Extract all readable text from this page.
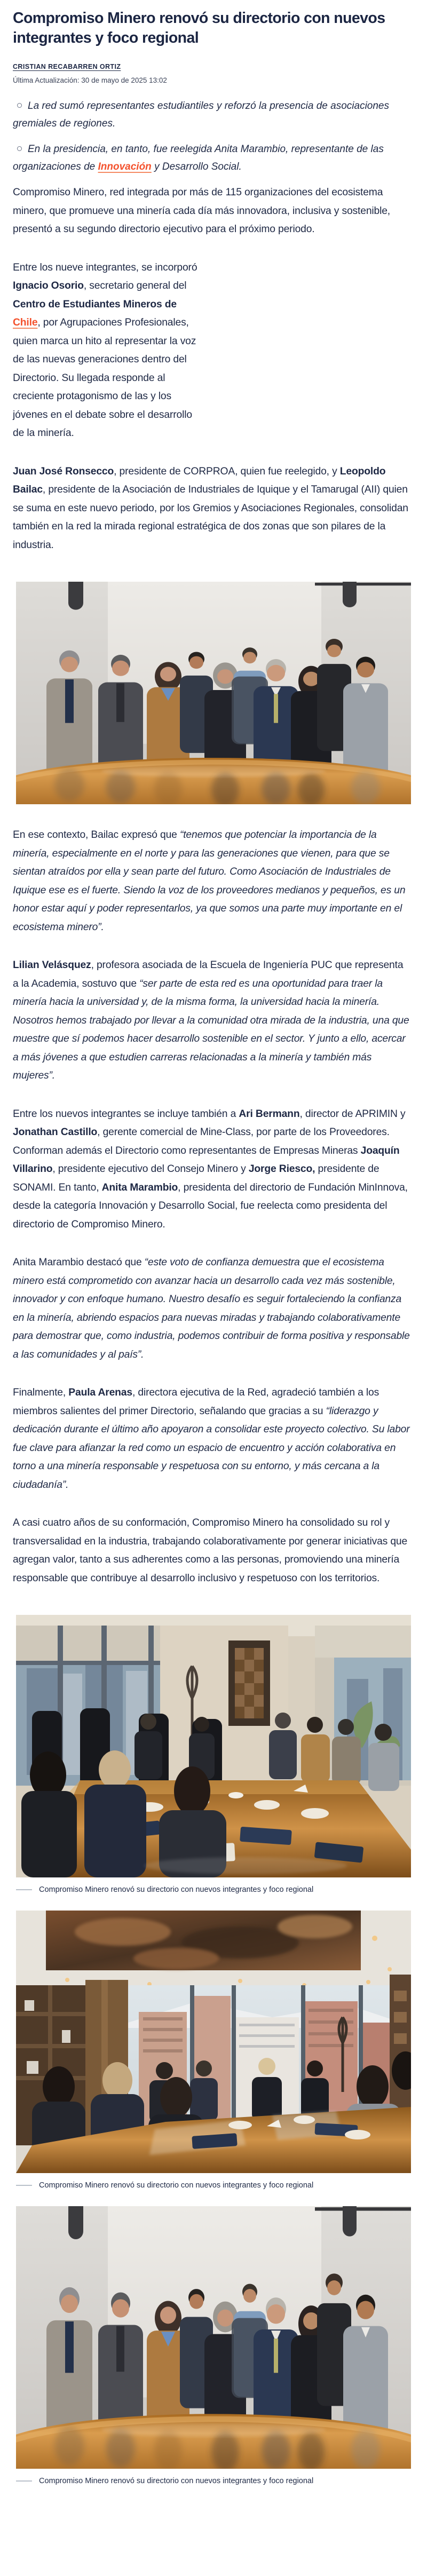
Compromiso Minero renovó su directorio con nuevos integrantes y foco regional
CRISTIAN RECABARREN ORTIZ
Última Actualización: 30 de mayo de 2025 13:02
La red sumó representantes estudiantiles y reforzó la presencia de asociaciones gremiales de regiones.
En la presidencia, en tanto, fue reelegida Anita Marambio, representante de las organizaciones de Innovación y Desarrollo Social.

Compromiso Minero, red integrada por más de 115 organizaciones del ecosistema minero, que promueve una minería cada día más innovadora, inclusiva y sostenible, presentó a su segundo directorio ejecutivo para el próximo periodo.

Entre los nueve integrantes, se incorporó Ignacio Osorio, secretario general del Centro de Estudiantes Mineros de Chile, por Agrupaciones Profesionales, quien marca un hito al representar la voz de las nuevas generaciones dentro del Directorio. Su llegada responde al creciente protagonismo de las y los jóvenes en el debate sobre el desarrollo de la minería.

Juan José Ronsecco, presidente de CORPROA, quien fue reelegido, y Leopoldo Bailac, presidente de la Asociación de Industriales de Iquique y el Tamarugal (AII) quien se suma en este nuevo periodo, por los Gremios y Asociaciones Regionales, consolidan también en la red la mirada regional estratégica de dos zonas que son pilares de la industria.

En ese contexto, Bailac expresó que “tenemos que potenciar la importancia de la minería, especialmente en el norte y para las generaciones que vienen, para que se sientan atraídos por ella y sean parte del futuro. Como Asociación de Industriales de Iquique ese es el fuerte. Siendo la voz de los proveedores medianos y pequeños, es un honor estar aquí y poder representarlos, ya que somos una parte muy importante en el ecosistema minero”.

Lilian Velásquez, profesora asociada de la Escuela de Ingeniería PUC que representa a la Academia, sostuvo que “ser parte de esta red es una oportunidad para traer la minería hacia la universidad y, de la misma forma, la universidad hacia la minería. Nosotros hemos trabajado por llevar a la comunidad otra mirada de la industria, una que muestre que sí podemos hacer desarrollo sostenible en el sector. Y junto a ello, acercar a más jóvenes a que estudien carreras relacionadas a la minería y también más mujeres”.

Entre los nuevos integrantes se incluye también a Ari Bermann, director de APRIMIN y Jonathan Castillo, gerente comercial de Mine-Class, por parte de los Proveedores. Conforman además el Directorio como representantes de Empresas Mineras Joaquín Villarino, presidente ejecutivo del Consejo Minero y Jorge Riesco, presidente de SONAMI. En tanto, Anita Marambio, presidenta del directorio de Fundación MinInnova, desde la categoría Innovación y Desarrollo Social, fue reelecta como presidenta del directorio de Compromiso Minero.

Anita Marambio destacó que “este voto de confianza demuestra que el ecosistema minero está comprometido con avanzar hacia un desarrollo cada vez más sostenible, innovador y con enfoque humano. Nuestro desafío es seguir fortaleciendo la confianza en la minería, abriendo espacios para nuevas miradas y trabajando colaborativamente para demostrar que, como industria, podemos contribuir de forma positiva y responsable a las comunidades y al país”.

Finalmente, Paula Arenas, directora ejecutiva de la Red, agradeció también a los miembros salientes del primer Directorio, señalando que gracias a su “liderazgo y dedicación durante el último año apoyaron a consolidar este proyecto colectivo. Su labor fue clave para afianzar la red como un espacio de encuentro y acción colaborativa en torno a una minería responsable y respetuosa con su entorno, y más cercana a la ciudadanía”.

A casi cuatro años de su conformación, Compromiso Minero ha consolidado su rol y transversalidad en la industria, trabajando colaborativamente por generar iniciativas que agregan valor, tanto a sus adherentes como a las personas, promoviendo una minería responsable que contribuye al desarrollo inclusivo y respetuoso con los territorios.

Compromiso Minero renovó su directorio con nuevos integrantes y foco regional
Compromiso Minero renovó su directorio con nuevos integrantes y foco regional
Compromiso Minero renovó su directorio con nuevos integrantes y foco regional
